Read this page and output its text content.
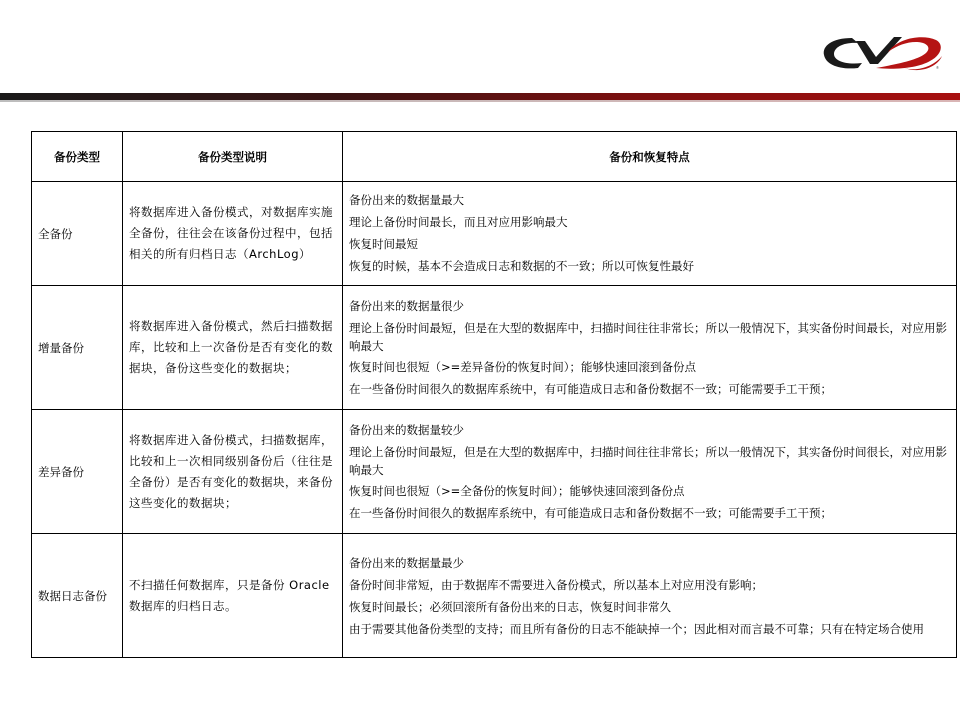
®
备份类型	备份类型说明	备份和恢复特点
全备份	将数据库进入备份模式，对数据库实施全备份，往往会在该备份过程中，包括相关的所有归档日志（ArchLog）	备份出来的数据量最大
理论上备份时间最长，而且对应用影响最大
恢复时间最短
恢复的时候，基本不会造成日志和数据的不一致；所以可恢复性最好

增量备份	将数据库进入备份模式，然后扫描数据库，比较和上一次备份是否有变化的数据块，备份这些变化的数据块；	备份出来的数据量很少
理论上备份时间最短，但是在大型的数据库中，扫描时间往往非常长；所以一般情况下，其实备份时间最长，对应用影响最大
恢复时间也很短（>=差异备份的恢复时间）；能够快速回滚到备份点
在一些备份时间很久的数据库系统中，有可能造成日志和备份数据不一致；可能需要手工干预；

差异备份	将数据库进入备份模式，扫描数据库，比较和上一次相同级别备份后（往往是全备份）是否有变化的数据块，来备份这些变化的数据块；	备份出来的数据量较少
理论上备份时间最短，但是在大型的数据库中，扫描时间往往非常长；所以一般情况下，其实备份时间很长，对应用影响最大
恢复时间也很短（>=全备份的恢复时间）；能够快速回滚到备份点
在一些备份时间很久的数据库系统中，有可能造成日志和备份数据不一致；可能需要手工干预；

数据日志备份	不扫描任何数据库，只是备份 Oracle 数据库的归档日志。	备份出来的数据量最少
备份时间非常短，由于数据库不需要进入备份模式，所以基本上对应用没有影响；
恢复时间最长；必须回滚所有备份出来的日志，恢复时间非常久
由于需要其他备份类型的支持；而且所有备份的日志不能缺掉一个；因此相对而言最不可靠；只有在特定场合使用
